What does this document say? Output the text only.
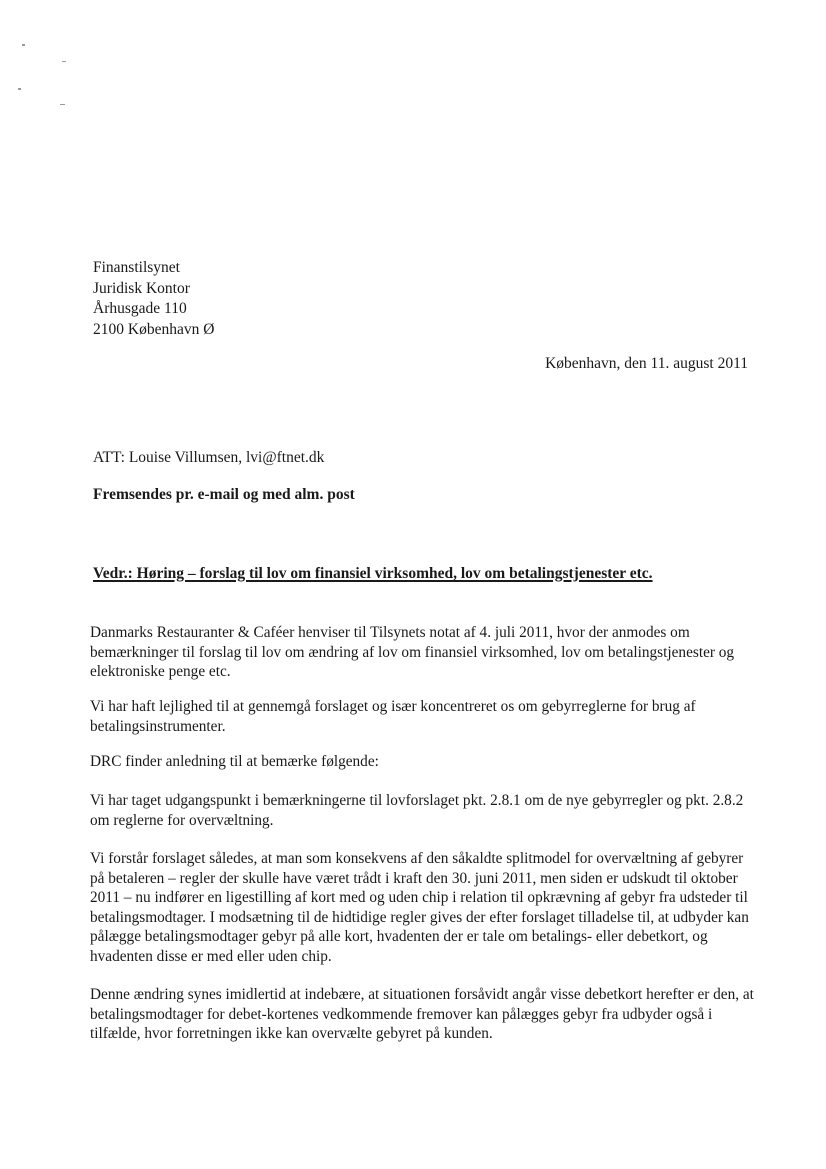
Finanstilsynet
Juridisk Kontor
Århusgade 110
2100 København Ø
København, den 11. august 2011
ATT: Louise Villumsen, lvi@ftnet.dk
Fremsendes pr. e-mail og med alm. post
Vedr.: Høring – forslag til lov om finansiel virksomhed, lov om betalingstjenester etc.

Danmarks Restauranter & Caféer henviser til Tilsynets notat af 4. juli 2011, hvor der anmodes om bemærkninger til forslag til lov om ændring af lov om finansiel virksomhed, lov om betalingstjenester og elektroniske penge etc.

Vi har haft lejlighed til at gennemgå forslaget og især koncentreret os om gebyrreglerne for brug af betalingsinstrumenter.

DRC finder anledning til at bemærke følgende:

Vi har taget udgangspunkt i bemærkningerne til lovforslaget pkt. 2.8.1 om de nye gebyrregler og pkt. 2.8.2 om reglerne for overvæltning.

Vi forstår forslaget således, at man som konsekvens af den såkaldte splitmodel for overvæltning af gebyrer på betaleren – regler der skulle have været trådt i kraft den 30. juni 2011, men siden er udskudt til oktober 2011 – nu indfører en ligestilling af kort med og uden chip i relation til opkrævning af gebyr fra udsteder til betalingsmodtager. I modsætning til de hidtidige regler gives der efter forslaget tilladelse til, at udbyder kan pålægge betalingsmodtager gebyr på alle kort, hvadenten der er tale om betalings- eller debetkort, og hvadenten disse er med eller uden chip.

Denne ændring synes imidlertid at indebære, at situationen forsåvidt angår visse debetkort herefter er den, at betalingsmodtager for debet-kortenes vedkommende fremover kan pålægges gebyr fra udbyder også i tilfælde, hvor forretningen ikke kan overvælte gebyret på kunden.
